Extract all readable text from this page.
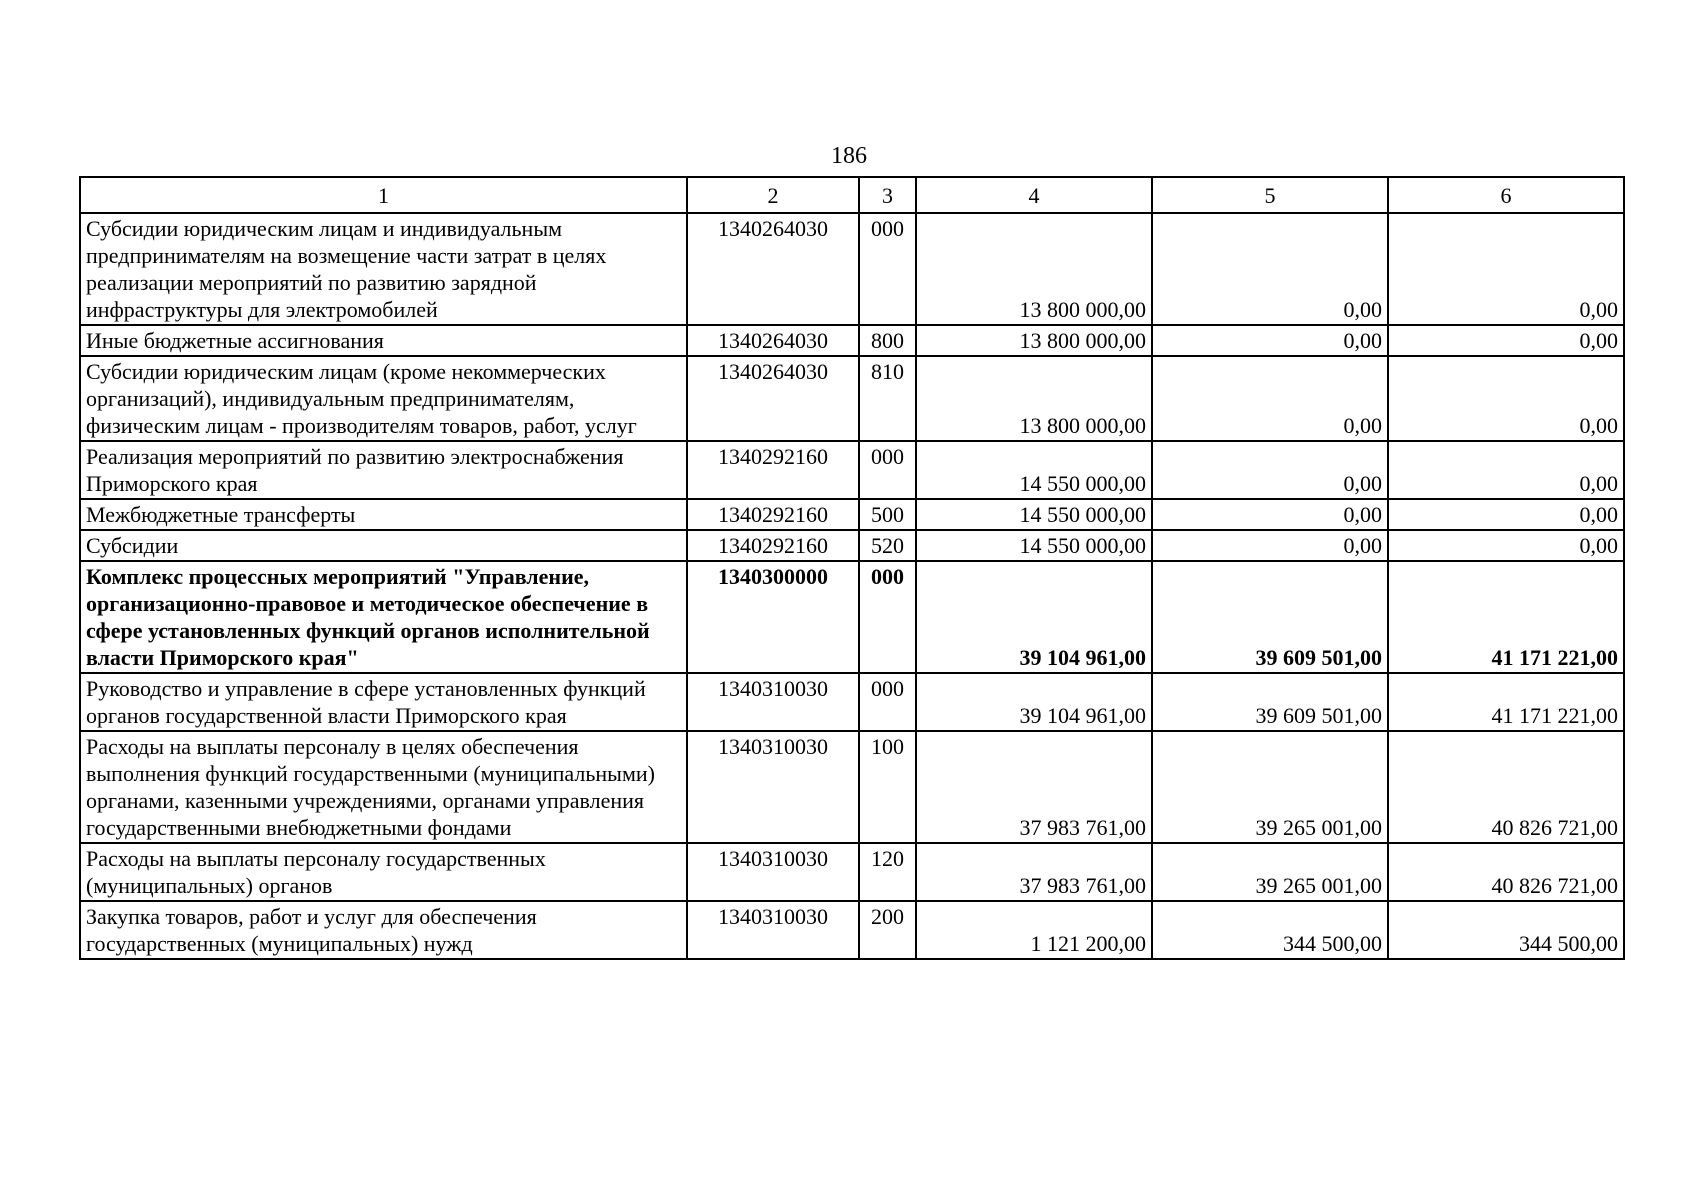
186
1	2	3	4	5	6
Субсидии юридическим лицам и индивидуальным предпринимателям на возмещение части затрат в целях реализации мероприятий по развитию зарядной инфраструктуры для электромобилей	1340264030	000	13 800 000,00	0,00	0,00
Иные бюджетные ассигнования	1340264030	800	13 800 000,00	0,00	0,00
Субсидии юридическим лицам (кроме некоммерческих организаций), индивидуальным предпринимателям, физическим лицам - производителям товаров, работ, услуг	1340264030	810	13 800 000,00	0,00	0,00
Реализация мероприятий по развитию электроснабжения Приморского края	1340292160	000	14 550 000,00	0,00	0,00
Межбюджетные трансферты	1340292160	500	14 550 000,00	0,00	0,00
Субсидии	1340292160	520	14 550 000,00	0,00	0,00
Комплекс процессных мероприятий "Управление, организационно-правовое и методическое обеспечение в сфере установленных функций органов исполнительной власти Приморского края"	1340300000	000	39 104 961,00	39 609 501,00	41 171 221,00
Руководство и управление в сфере установленных функций органов государственной власти Приморского края	1340310030	000	39 104 961,00	39 609 501,00	41 171 221,00
Расходы на выплаты персоналу в целях обеспечения выполнения функций государственными (муниципальными) органами, казенными учреждениями, органами управления государственными внебюджетными фондами	1340310030	100	37 983 761,00	39 265 001,00	40 826 721,00
Расходы на выплаты персоналу государственных (муниципальных) органов	1340310030	120	37 983 761,00	39 265 001,00	40 826 721,00
Закупка товаров, работ и услуг для обеспечения государственных (муниципальных) нужд	1340310030	200	1 121 200,00	344 500,00	344 500,00
